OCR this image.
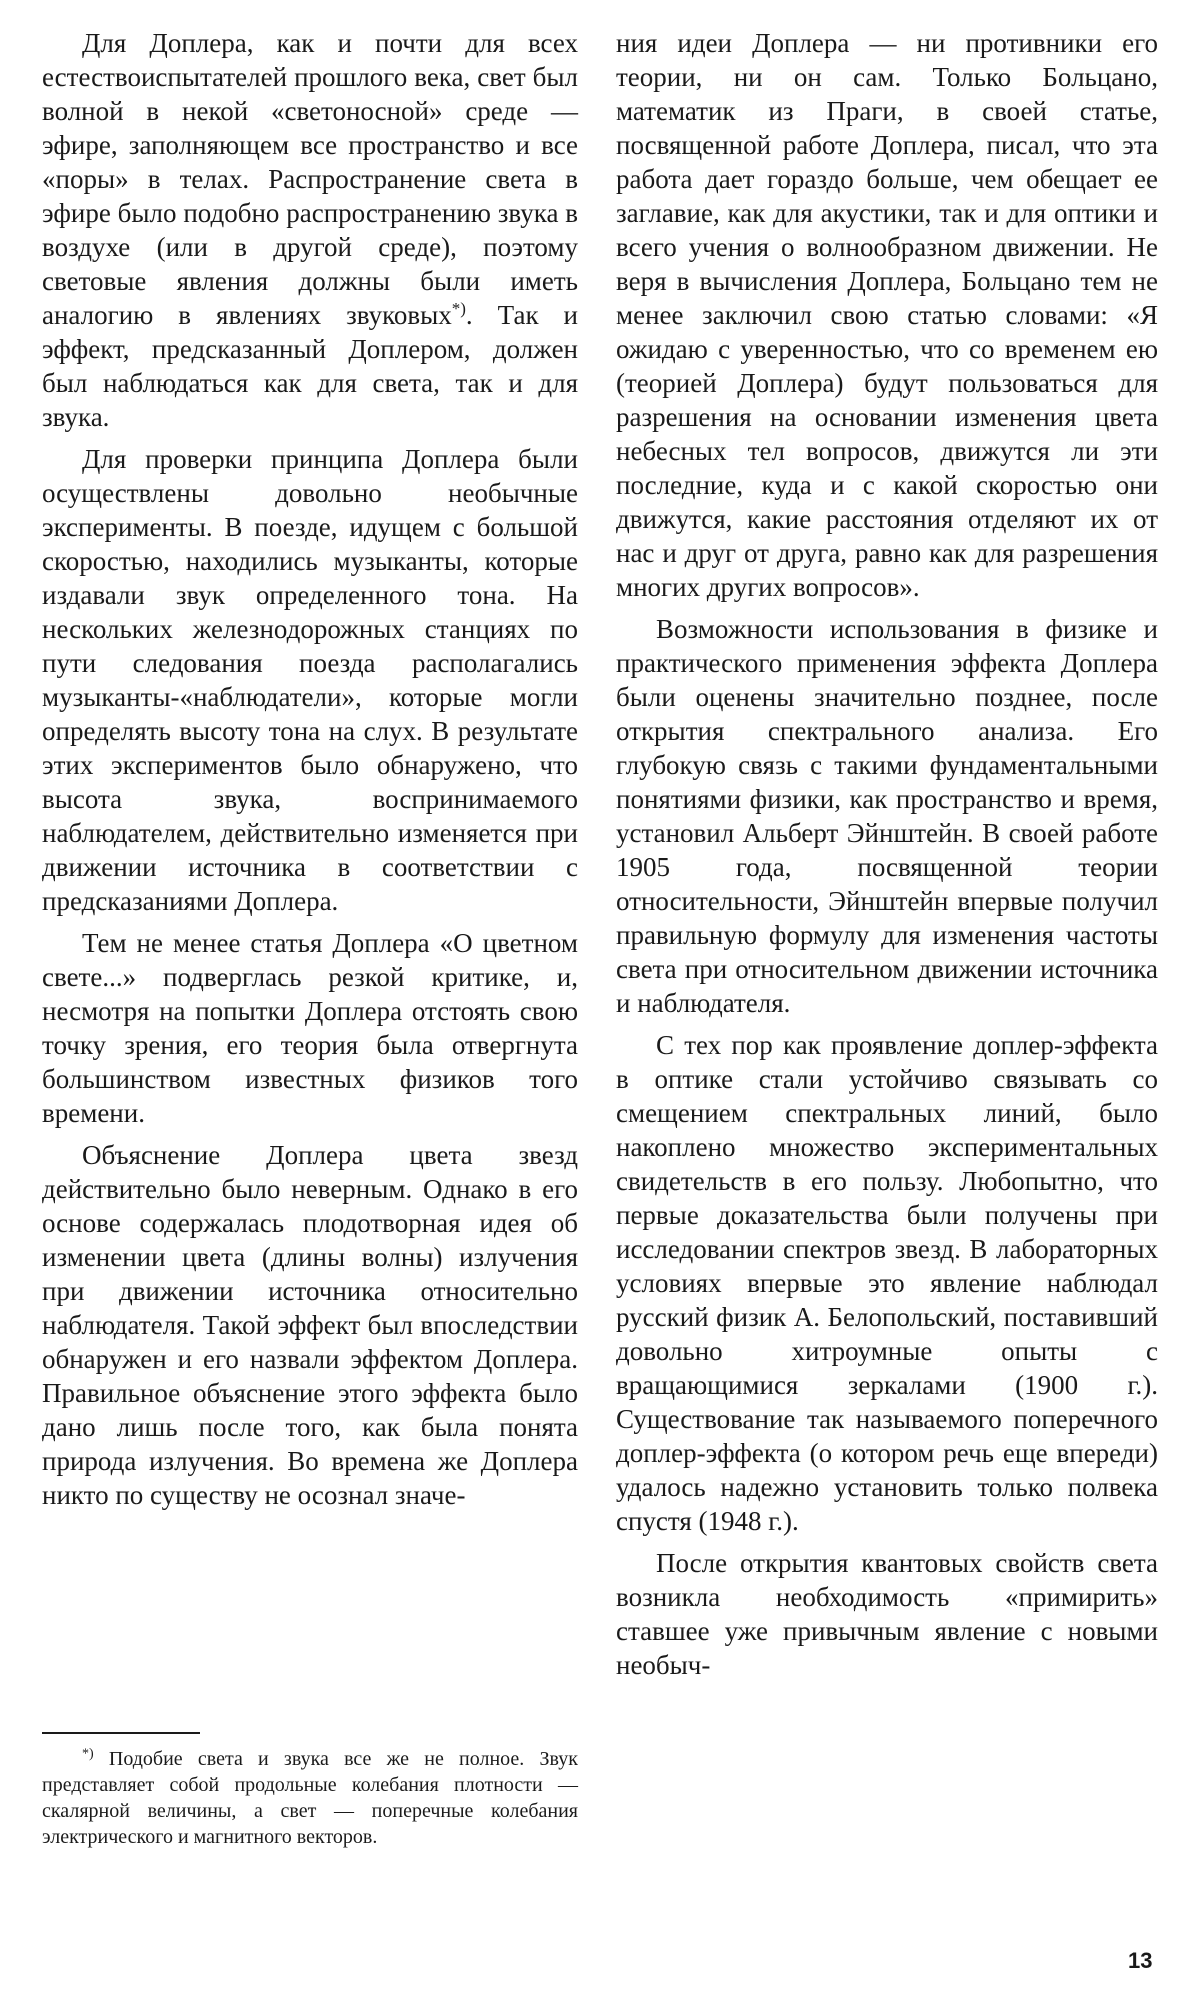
Для Доплера, как и почти для всех естествоиспытателей прошлого века, свет был волной в некой «светоносной» среде — эфире, заполняющем все пространство и все «поры» в телах. Распространение света в эфире было подобно распространению звука в воздухе (или в другой среде), поэтому световые явления должны были иметь аналогию в явлениях звуковых*). Так и эффект, предсказанный Доплером, должен был наблюдаться как для света, так и для звука.

Для проверки принципа Доплера были осуществлены довольно необычные эксперименты. В поезде, идущем с большой скоростью, находились музыканты, которые издавали звук определенного тона. На нескольких железнодорожных станциях по пути следования поезда располагались музыканты-«наблюдатели», которые могли определять высоту тона на слух. В результате этих экспериментов было обнаружено, что высота звука, воспринимаемого наблюдателем, действительно изменяется при движении источника в соответствии с предсказаниями Доплера.

Тем не менее статья Доплера «О цветном свете...» подверглась резкой критике, и, несмотря на попытки Доплера отстоять свою точку зрения, его теория была отвергнута большинством известных физиков того времени.

Объяснение Доплера цвета звезд действительно было неверным. Однако в его основе содержалась плодотворная идея об изменении цвета (длины волны) излучения при движении источника относительно наблюдателя. Такой эффект был впоследствии обнаружен и его назвали эффектом Доплера. Правильное объяснение этого эффекта было дано лишь после того, как была понята природа излучения. Во времена же Доплера никто по существу не осознал значе-

ния идеи Доплера — ни противники его теории, ни он сам. Только Больцано, математик из Праги, в своей статье, посвященной работе Доплера, писал, что эта работа дает гораздо больше, чем обещает ее заглавие, как для акустики, так и для оптики и всего учения о волнообразном движении. Не веря в вычисления Доплера, Больцано тем не менее заключил свою статью словами: «Я ожидаю с уверенностью, что со временем ею (теорией Доплера) будут пользоваться для разрешения на основании изменения цвета небесных тел вопросов, движутся ли эти последние, куда и с какой скоростью они движутся, какие расстояния отделяют их от нас и друг от друга, равно как для разрешения многих других вопросов».

Возможности использования в физике и практического применения эффекта Доплера были оценены значительно позднее, после открытия спектрального анализа. Его глубокую связь с такими фундаментальными понятиями физики, как пространство и время, установил Альберт Эйнштейн. В своей работе 1905 года, посвященной теории относительности, Эйнштейн впервые получил правильную формулу для изменения частоты света при относительном движении источника и наблюдателя.

С тех пор как проявление доплер-эффекта в оптике стали устойчиво связывать со смещением спектральных линий, было накоплено множество экспериментальных свидетельств в его пользу. Любопытно, что первые доказательства были получены при исследовании спектров звезд. В лабораторных условиях впервые это явление наблюдал русский физик А. Белопольский, поставивший довольно хитроумные опыты с вращающимися зеркалами (1900 г.). Существование так называемого поперечного доплер-эффекта (о котором речь еще впереди) удалось надежно установить только полвека спустя (1948 г.).

После открытия квантовых свойств света возникла необходимость «примирить» ставшее уже привычным явление с новыми необыч-

*) Подобие света и звука все же не полное. Звук представляет собой продольные колебания плотности — скалярной величины, а свет — поперечные колебания электрического и магнитного векторов.

13
